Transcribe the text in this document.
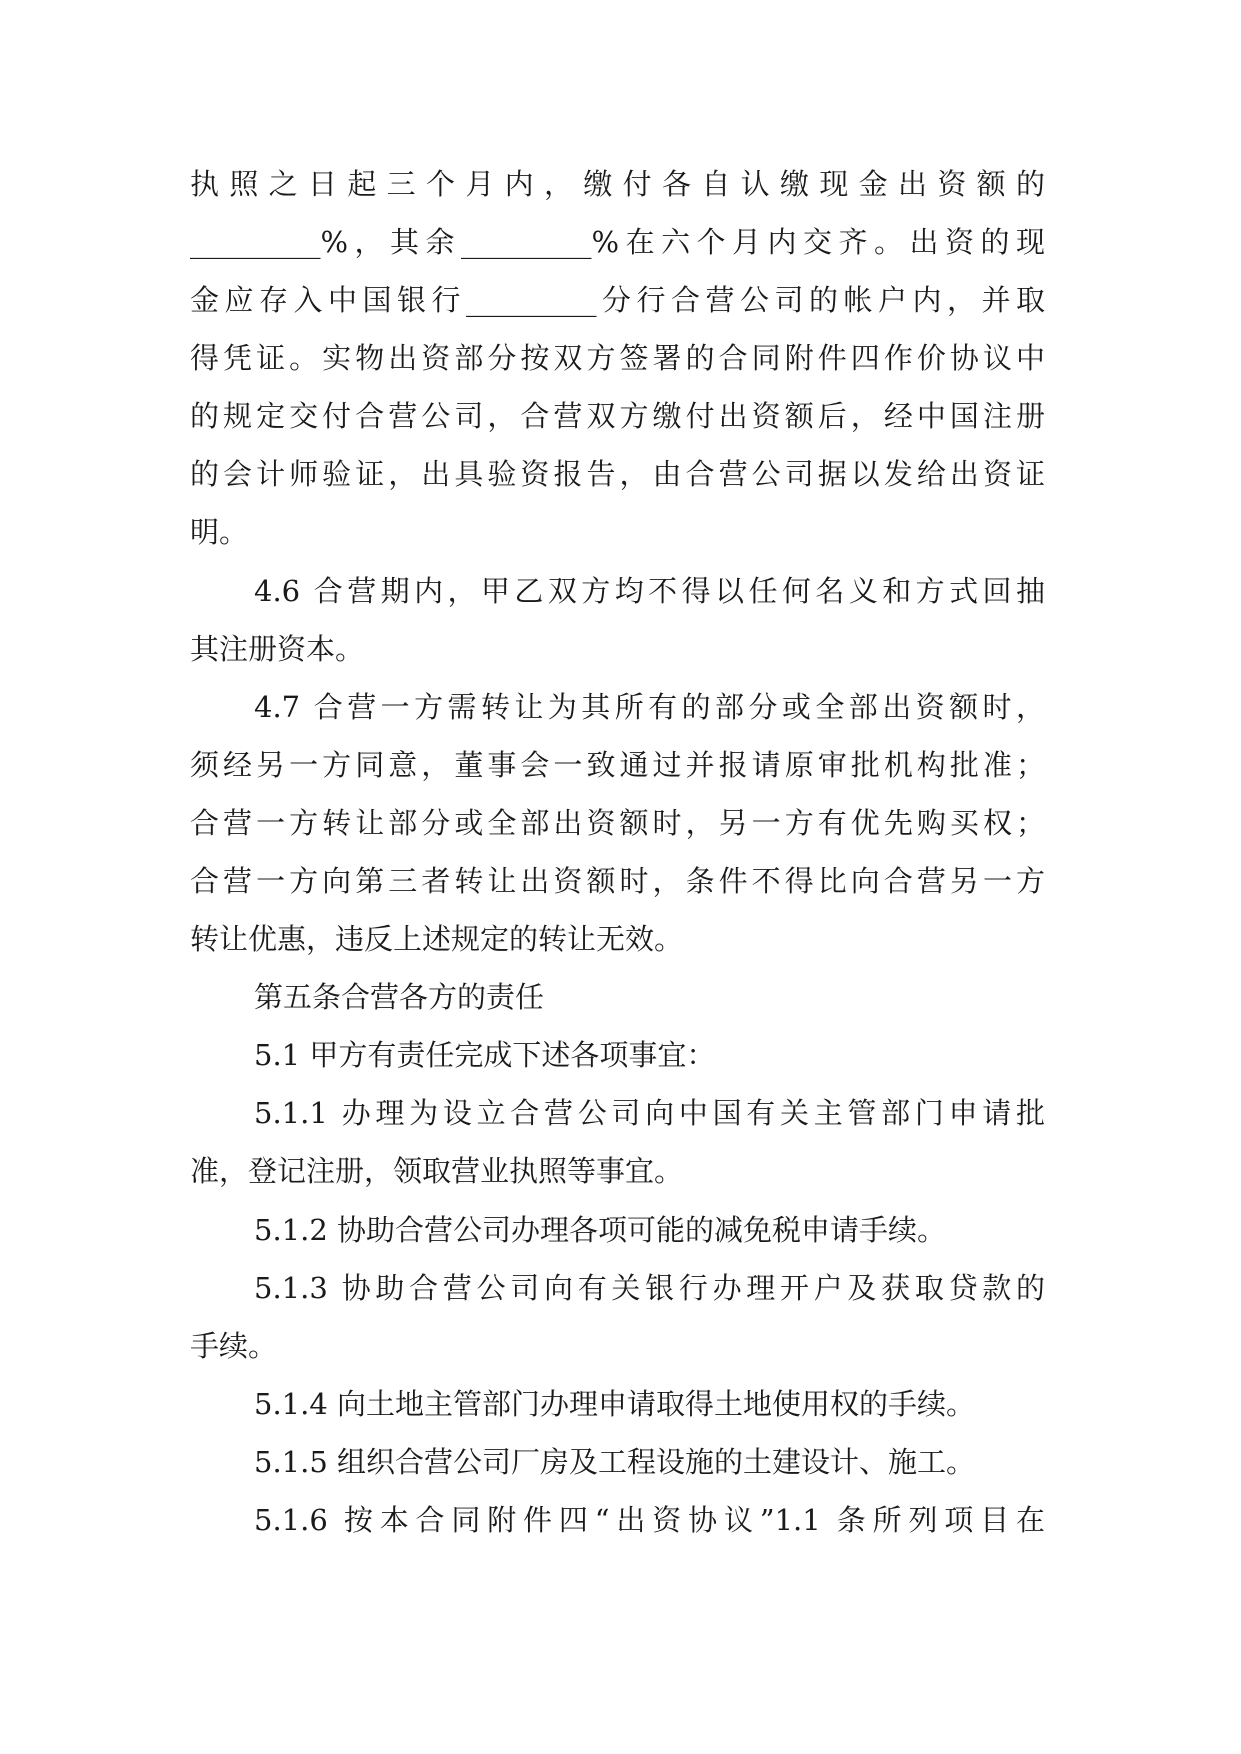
执照之日起三个月内，缴付各自认缴现金出资额的
_________%，其余_________%在六个月内交齐。出资的现
金应存入中国银行_________分行合营公司的帐户内，并取
得凭证。实物出资部分按双方签署的合同附件四作价协议中
的规定交付合营公司，合营双方缴付出资额后，经中国注册
的会计师验证，出具验资报告，由合营公司据以发给出资证
明。
4.6 合营期内，甲乙双方均不得以任何名义和方式回抽
其注册资本。
4.7 合营一方需转让为其所有的部分或全部出资额时，
须经另一方同意，董事会一致通过并报请原审批机构批准；
合营一方转让部分或全部出资额时，另一方有优先购买权；
合营一方向第三者转让出资额时，条件不得比向合营另一方
转让优惠，违反上述规定的转让无效。
第五条合营各方的责任
5.1 甲方有责任完成下述各项事宜：
5.1.1 办理为设立合营公司向中国有关主管部门申请批
准，登记注册，领取营业执照等事宜。
5.1.2 协助合营公司办理各项可能的减免税申请手续。
5.1.3 协助合营公司向有关银行办理开户及获取贷款的
手续。
5.1.4 向土地主管部门办理申请取得土地使用权的手续。
5.1.5 组织合营公司厂房及工程设施的土建设计、施工。
5.1.6 按本合同附件四“出资协议”1.1 条所列项目在
